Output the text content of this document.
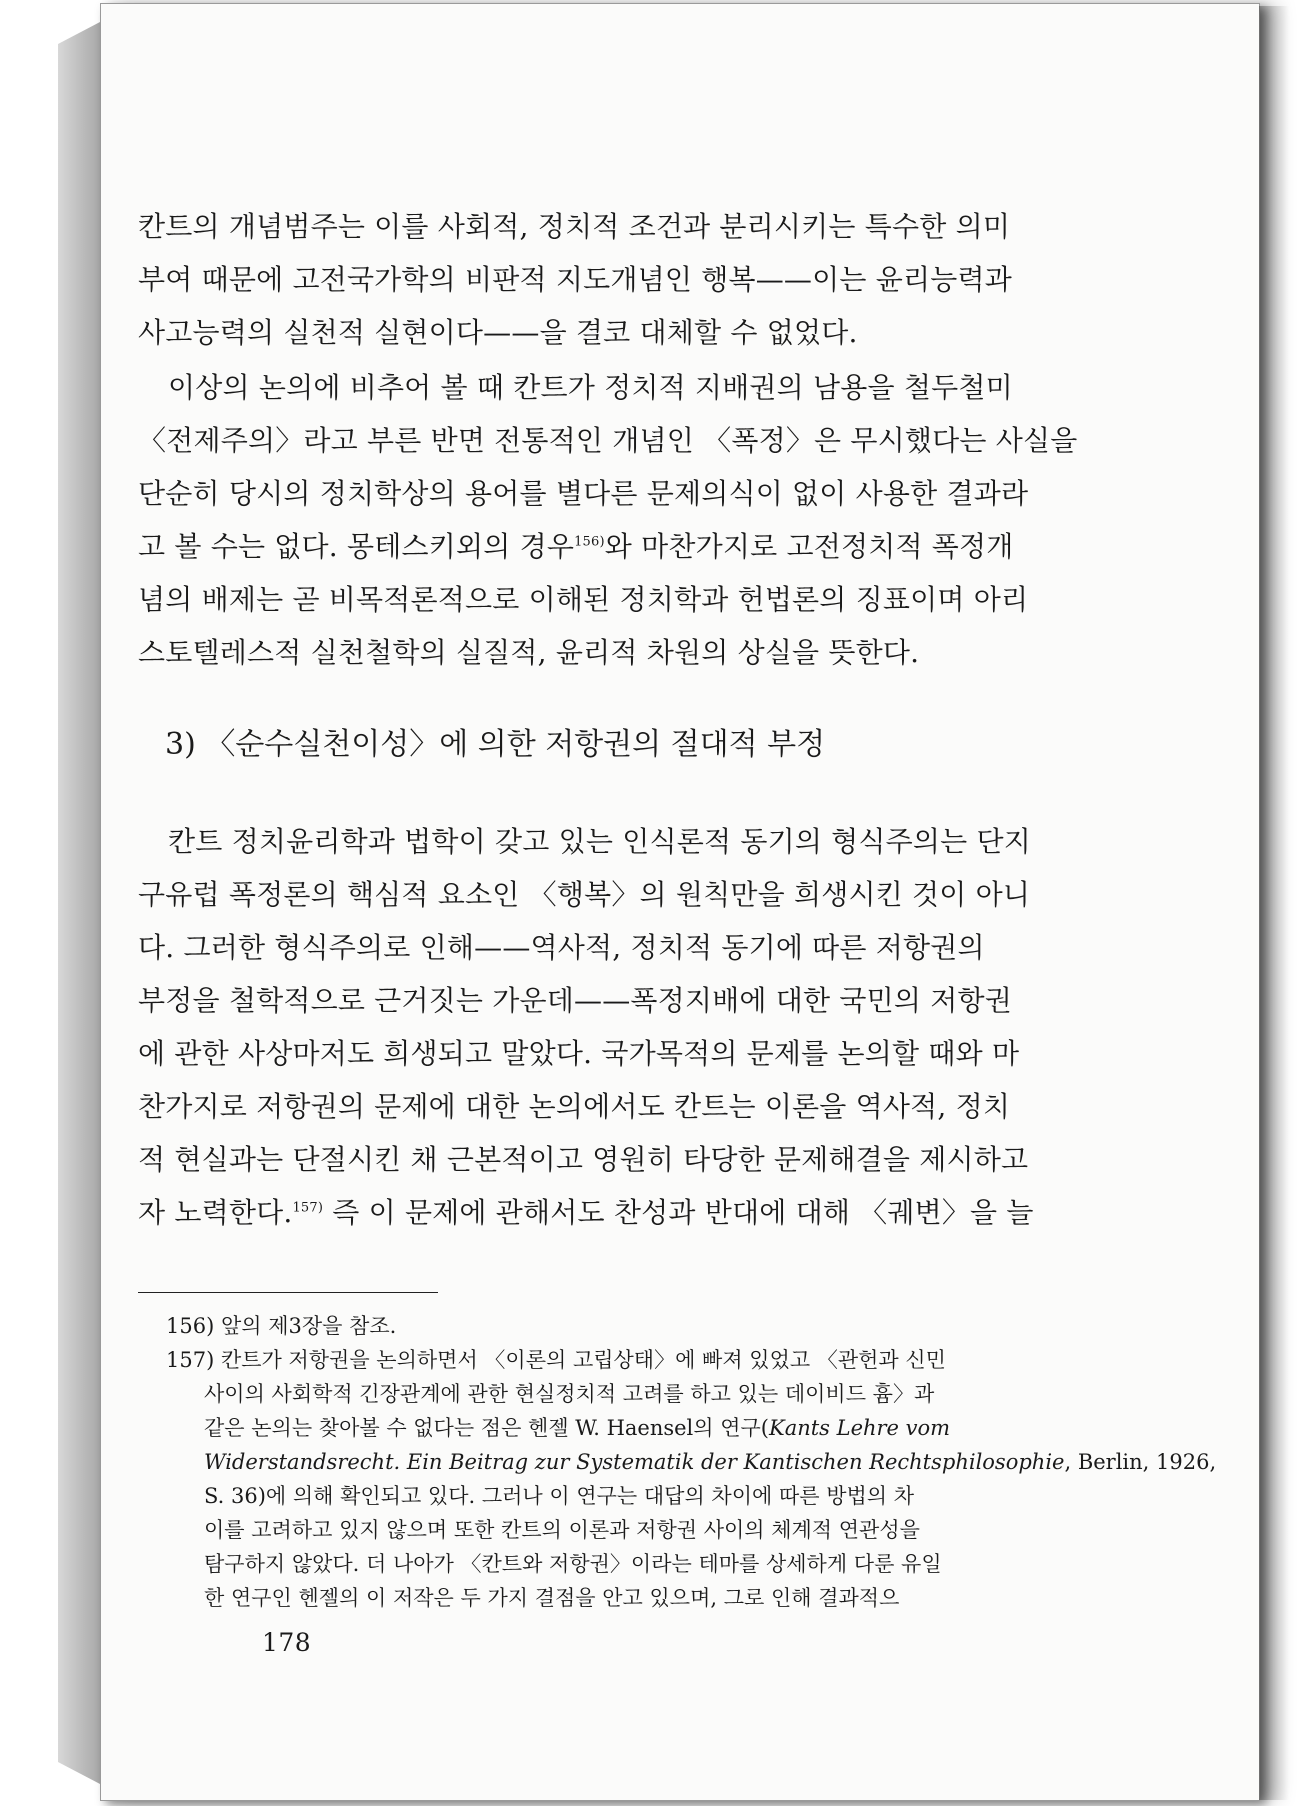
칸트의 개념범주는 이를 사회적, 정치적 조건과 분리시키는 특수한 의미

부여 때문에 고전국가학의 비판적 지도개념인 행복——이는 윤리능력과

사고능력의 실천적 실현이다——을 결코 대체할 수 없었다.

이상의 논의에 비추어 볼 때 칸트가 정치적 지배권의 남용을 철두철미

〈전제주의〉라고 부른 반면 전통적인 개념인 〈폭정〉은 무시했다는 사실을

단순히 당시의 정치학상의 용어를 별다른 문제의식이 없이 사용한 결과라

고 볼 수는 없다. 몽테스키외의 경우$^{156)}$와 마찬가지로 고전정치적 폭정개

념의 배제는 곧 비목적론적으로 이해된 정치학과 헌법론의 징표이며 아리

스토텔레스적 실천철학의 실질적, 윤리적 차원의 상실을 뜻한다.

3) 〈순수실천이성〉에 의한 저항권의 절대적 부정

칸트 정치윤리학과 법학이 갖고 있는 인식론적 동기의 형식주의는 단지

구유럽 폭정론의 핵심적 요소인 〈행복〉의 원칙만을 희생시킨 것이 아니

다. 그러한 형식주의로 인해——역사적, 정치적 동기에 따른 저항권의

부정을 철학적으로 근거짓는 가운데——폭정지배에 대한 국민의 저항권

에 관한 사상마저도 희생되고 말았다. 국가목적의 문제를 논의할 때와 마

찬가지로 저항권의 문제에 대한 논의에서도 칸트는 이론을 역사적, 정치

적 현실과는 단절시킨 채 근본적이고 영원히 타당한 문제해결을 제시하고

자 노력한다.$^{157)}$ 즉 이 문제에 관해서도 찬성과 반대에 대해 〈궤변〉을 늘

156) 앞의 제3장을 참조.

157) 칸트가 저항권을 논의하면서 〈이론의 고립상태〉에 빠져 있었고 〈관헌과 신민

사이의 사회학적 긴장관계에 관한 현실정치적 고려를 하고 있는 데이비드 흄〉과

같은 논의는 찾아볼 수 없다는 점은 헨젤 W. Haensel의 연구(Kants Lehre vom

Widerstandsrecht. Ein Beitrag zur Systematik der Kantischen Rechtsphilosophie, Berlin, 1926,

S. 36)에 의해 확인되고 있다. 그러나 이 연구는 대답의 차이에 따른 방법의 차

이를 고려하고 있지 않으며 또한 칸트의 이론과 저항권 사이의 체계적 연관성을

탐구하지 않았다. 더 나아가 〈칸트와 저항권〉이라는 테마를 상세하게 다룬 유일

한 연구인 헨젤의 이 저작은 두 가지 결점을 안고 있으며, 그로 인해 결과적으

178
